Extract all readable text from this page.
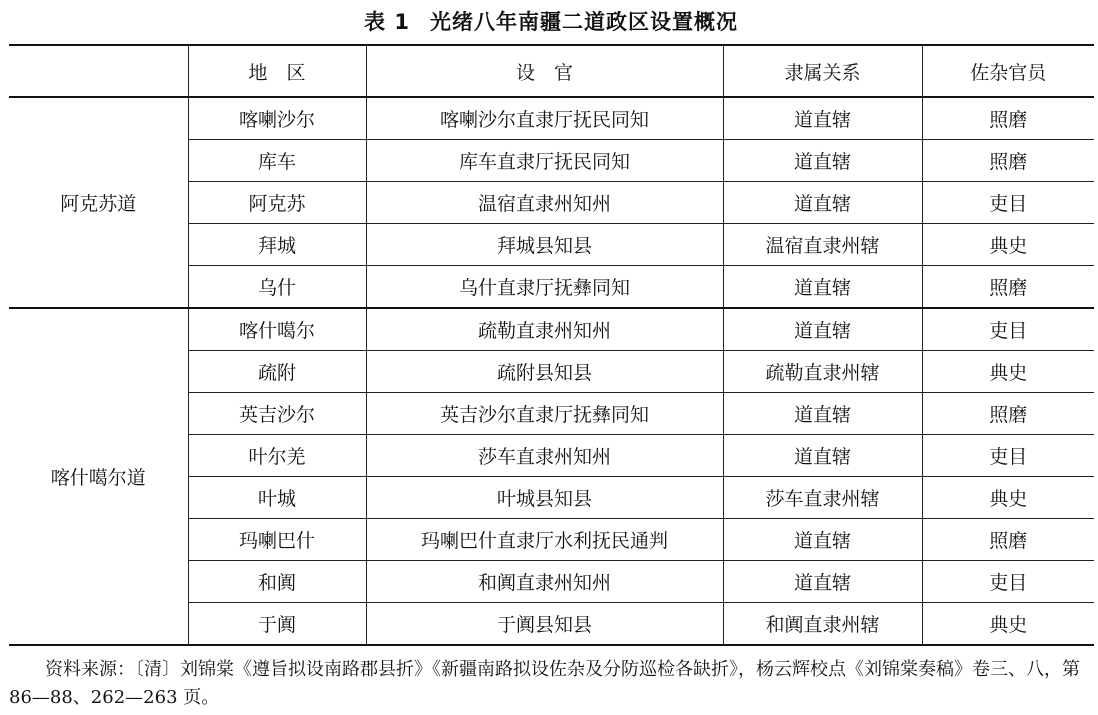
表 1 光绪八年南疆二道政区设置概况
	地　区	设　官	隶属关系	佐杂官员
阿克苏道	喀喇沙尔	喀喇沙尔直隶厅抚民同知	道直辖	照磨
	库车	库车直隶厅抚民同知	道直辖	照磨
	阿克苏	温宿直隶州知州	道直辖	吏目
	拜城	拜城县知县	温宿直隶州辖	典史
	乌什	乌什直隶厅抚彝同知	道直辖	照磨
喀什噶尔道	喀什噶尔	疏勒直隶州知州	道直辖	吏目
	疏附	疏附县知县	疏勒直隶州辖	典史
	英吉沙尔	英吉沙尔直隶厅抚彝同知	道直辖	照磨
	叶尔羌	莎车直隶州知州	道直辖	吏目
	叶城	叶城县知县	莎车直隶州辖	典史
	玛喇巴什	玛喇巴什直隶厅水利抚民通判	道直辖	照磨
	和阗	和阗直隶州知州	道直辖	吏目
	于阗	于阗县知县	和阗直隶州辖	典史
资料来源：〔清〕刘锦棠《遵旨拟设南路郡县折》《新疆南路拟设佐杂及分防巡检各缺折》，杨云辉校点《刘锦棠奏稿》卷三、八，第 86—88、262—263 页。
